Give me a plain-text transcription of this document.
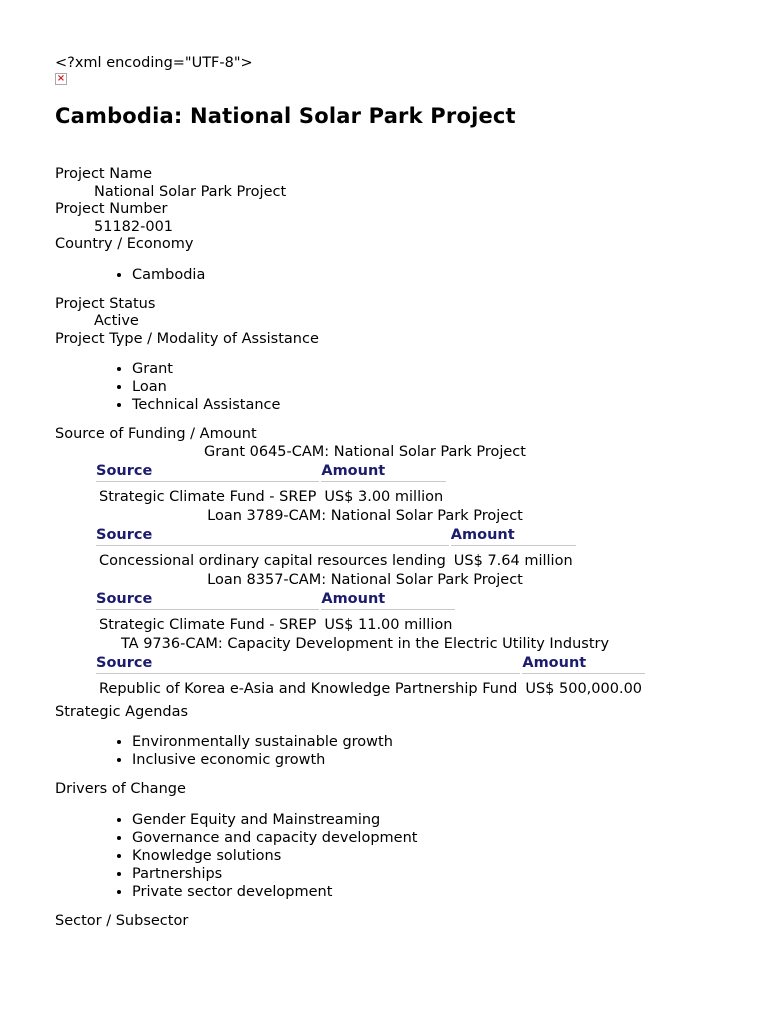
<?xml encoding="UTF-8">
×
Cambodia: National Solar Park Project
Project Name
National Solar Park Project
Project Number
51182-001
Country / Economy
• Cambodia
Project Status
Active
Project Type / Modality of Assistance
• Grant
• Loan
• Technical Assistance
Source of Funding / Amount
Grant 0645-CAM: National Solar Park Project
Source	Amount
Strategic Climate Fund - SREP	US$ 3.00 million
Loan 3789-CAM: National Solar Park Project
Source	Amount
Concessional ordinary capital resources lending	US$ 7.64 million
Loan 8357-CAM: National Solar Park Project
Source	Amount
Strategic Climate Fund - SREP	US$ 11.00 million
TA 9736-CAM: Capacity Development in the Electric Utility Industry
Source	Amount
Republic of Korea e-Asia and Knowledge Partnership Fund	US$ 500,000.00
Strategic Agendas
• Environmentally sustainable growth
• Inclusive economic growth
Drivers of Change
• Gender Equity and Mainstreaming
• Governance and capacity development
• Knowledge solutions
• Partnerships
• Private sector development
Sector / Subsector
